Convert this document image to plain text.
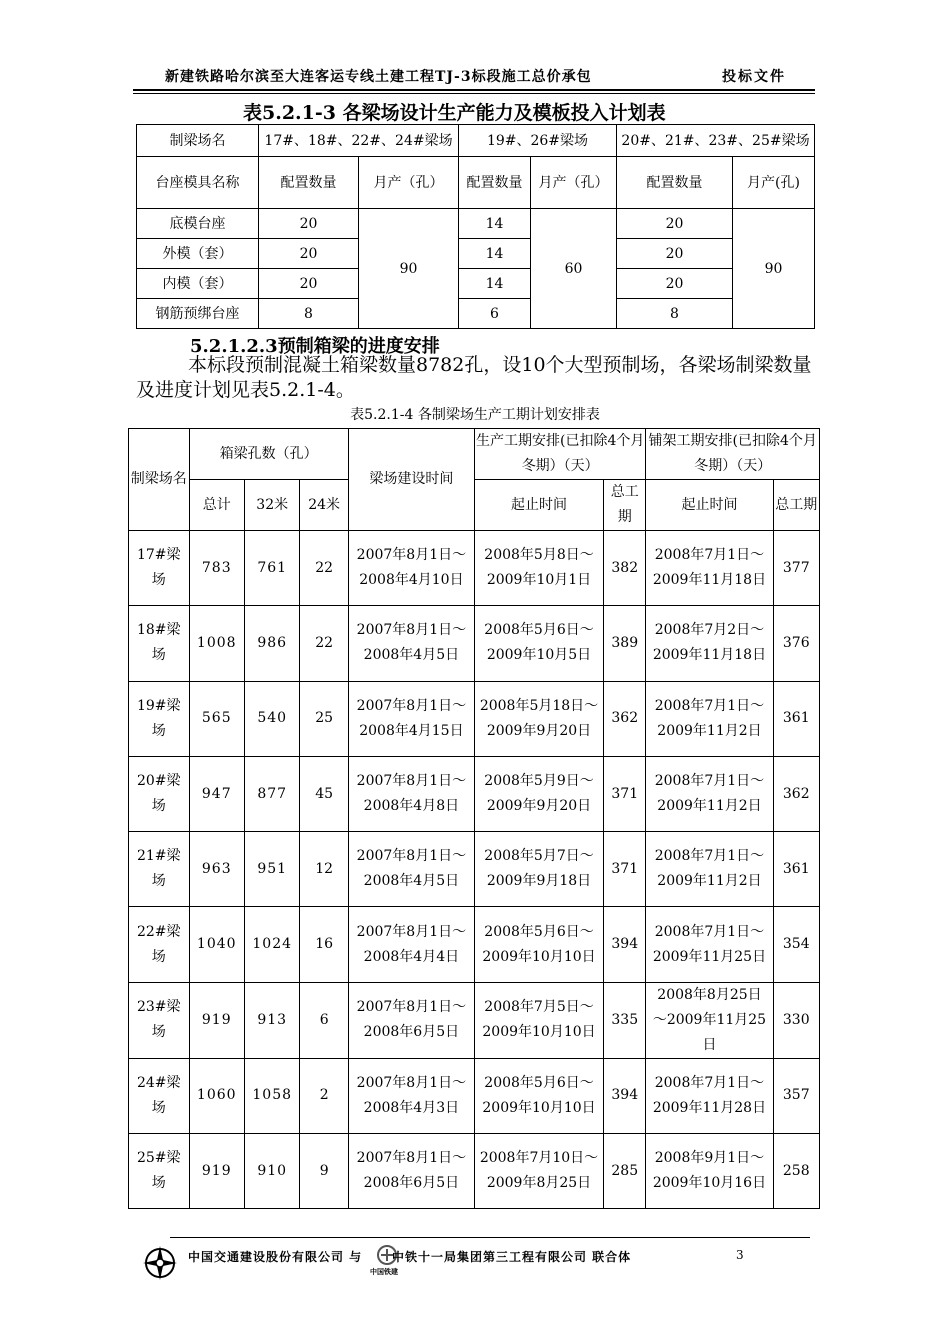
新建铁路哈尔滨至大连客运专线土建工程TJ-3标段施工总价承包	投标文件
表5.2.1-3 各梁场设计生产能力及模板投入计划表
制梁场名	17#、18#、22#、24#梁场		19#、26#梁场		20#、21#、23#、25#梁场	
台座模具名称	配置数量	月产（孔）	配置数量	月产（孔）	配置数量	月产(孔)
底模台座	20	90	14	60	20	90
外模（套）	20		14		20	
内模（套）	20		14		20	
钢筋预绑台座	8		6		8	
5.2.1.2.3预制箱梁的进度安排

本标段预制混凝土箱梁数量8782孔，设10个大型预制场，各梁场制梁数量及进度计划见表5.2.1-4。

表5.2.1-4 各制梁场生产工期计划安排表
制梁场名	箱梁孔数（孔）			梁场建设时间	生产工期安排(已扣除4个月冬期）（天）		铺架工期安排(已扣除4个月冬期）（天）	
	总计	32米	24米		起止时间	总工期	起止时间	总工期
17#梁场	783	761	22	2007年8月1日～2008年4月10日	2008年5月8日～2009年10月1日	382	2008年7月1日～2009年11月18日	377
18#梁场	1008	986	22	2007年8月1日～2008年4月5日	2008年5月6日～2009年10月5日	389	2008年7月2日～2009年11月18日	376
19#梁场	565	540	25	2007年8月1日～2008年4月15日	2008年5月18日～2009年9月20日	362	2008年7月1日～2009年11月2日	361
20#梁场	947	877	45	2007年8月1日～2008年4月8日	2008年5月9日～2009年9月20日	371	2008年7月1日～2009年11月2日	362
21#梁场	963	951	12	2007年8月1日～2008年4月5日	2008年5月7日～2009年9月18日	371	2008年7月1日～2009年11月2日	361
22#梁场	1040	1024	16	2007年8月1日～2008年4月4日	2008年5月6日～2009年10月10日	394	2008年7月1日～2009年11月25日	354
23#梁场	919	913	6	2007年8月1日～2008年6月5日	2008年7月5日～2009年10月10日	335	2008年8月25日～2009年11月25日	330
24#梁场	1060	1058	2	2007年8月1日～2008年4月3日	2008年5月6日～2009年10月10日	394	2008年7月1日～2009年11月28日	357
25#梁场	919	910	9	2007年8月1日～2008年6月5日	2008年7月10日～2009年8月25日	285	2008年9月1日～2009年10月16日	258
中国铁建
中国交通建设股份有限公司 与 中铁十一局集团第三工程有限公司 联合体	3
